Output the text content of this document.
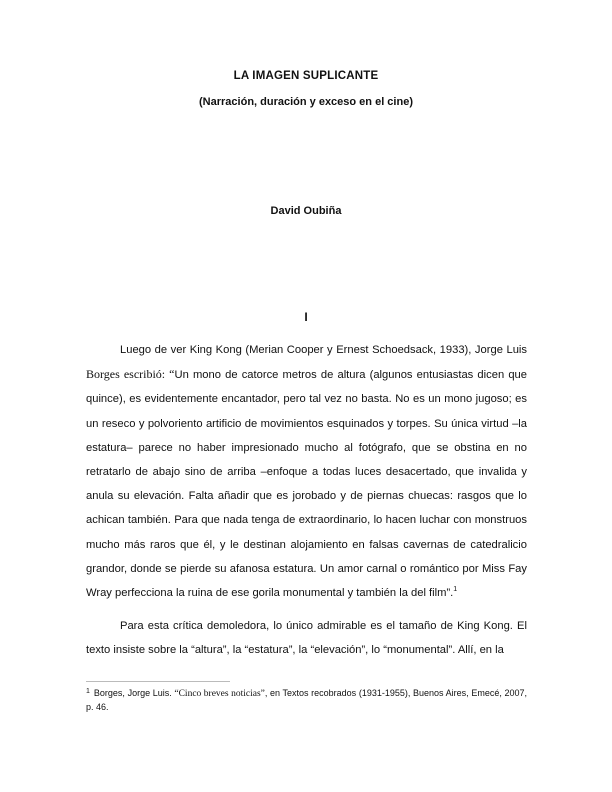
LA IMAGEN SUPLICANTE
(Narración, duración y exceso en el cine)
David Oubiña
I

Luego de ver King Kong (Merian Cooper y Ernest Schoedsack, 1933), Jorge Luis Borges escribió: “Un mono de catorce metros de altura (algunos entusiastas dicen que quince), es evidentemente encantador, pero tal vez no basta. No es un mono jugoso; es un reseco y polvoriento artificio de movimientos esquinados y torpes. Su única virtud –la estatura– parece no haber impresionado mucho al fotógrafo, que se obstina en no retratarlo de abajo sino de arriba –enfoque a todas luces desacertado, que invalida y anula su elevación. Falta añadir que es jorobado y de piernas chuecas: rasgos que lo achican también. Para que nada tenga de extraordinario, lo hacen luchar con monstruos mucho más raros que él, y le destinan alojamiento en falsas cavernas de catedralicio grandor, donde se pierde su afanosa estatura. Un amor carnal o romántico por Miss Fay Wray perfecciona la ruina de ese gorila monumental y también la del film”.$^1$

Para esta crítica demoledora, lo único admirable es el tamaño de King Kong. El texto insiste sobre la “altura”, la “estatura”, la “elevación”, lo “monumental”. Allí, en la

$^1$ Borges, Jorge Luis. “Cinco breves noticias”, en Textos recobrados (1931-1955), Buenos Aires, Emecé, 2007, p. 46.
